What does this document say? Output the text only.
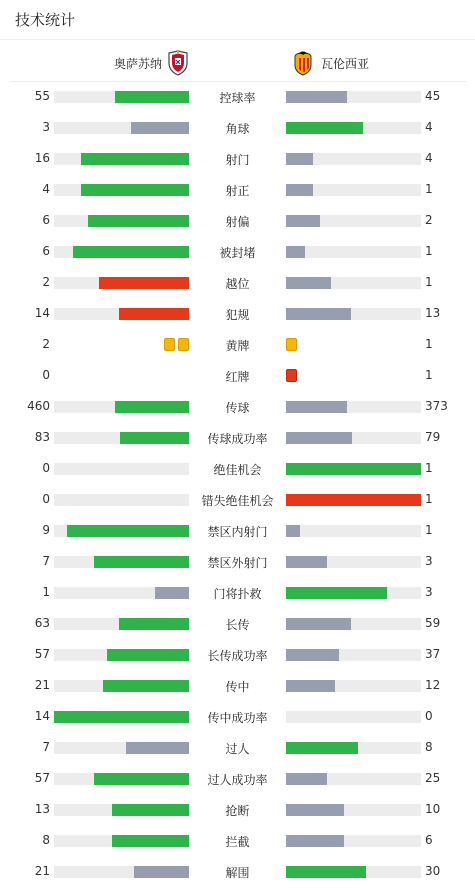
技术统计
奥萨苏纳	瓦伦西亚
55	控球率	45
3	角球	4
16	射门	4
4	射正	1
6	射偏	2
6	被封堵	1
2	越位	1
14	犯规	13
2	黄牌	1
0	红牌	1
460	传球	373
83	传球成功率	79
0	绝佳机会	1
0	错失绝佳机会	1
9	禁区内射门	1
7	禁区外射门	3
1	门将扑救	3
63	长传	59
57	长传成功率	37
21	传中	12
14	传中成功率	0
7	过人	8
57	过人成功率	25
13	抢断	10
8	拦截	6
21	解围	30
